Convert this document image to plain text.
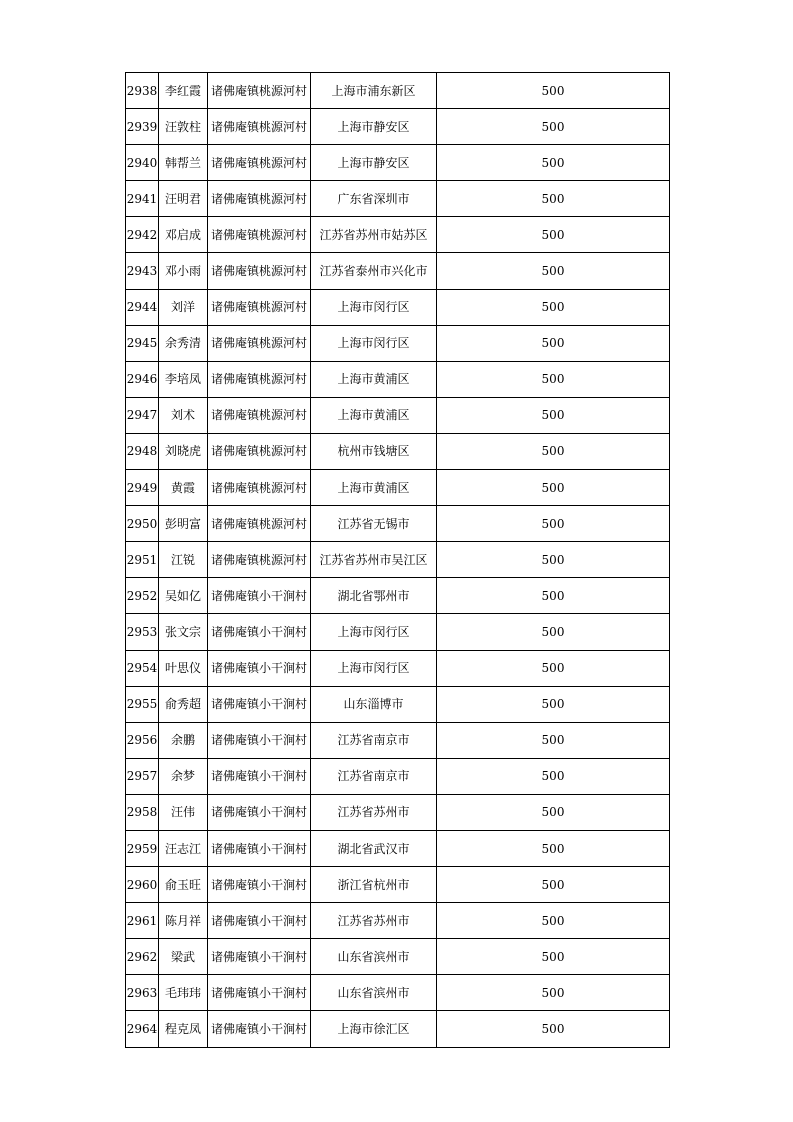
2938	李红霞	诸佛庵镇桃源河村	上海市浦东新区	500
2939	汪敦柱	诸佛庵镇桃源河村	上海市静安区	500
2940	韩帮兰	诸佛庵镇桃源河村	上海市静安区	500
2941	汪明君	诸佛庵镇桃源河村	广东省深圳市	500
2942	邓启成	诸佛庵镇桃源河村	江苏省苏州市姑苏区	500
2943	邓小雨	诸佛庵镇桃源河村	江苏省泰州市兴化市	500
2944	刘洋	诸佛庵镇桃源河村	上海市闵行区	500
2945	余秀清	诸佛庵镇桃源河村	上海市闵行区	500
2946	李培凤	诸佛庵镇桃源河村	上海市黄浦区	500
2947	刘术	诸佛庵镇桃源河村	上海市黄浦区	500
2948	刘晓虎	诸佛庵镇桃源河村	杭州市钱塘区	500
2949	黄霞	诸佛庵镇桃源河村	上海市黄浦区	500
2950	彭明富	诸佛庵镇桃源河村	江苏省无锡市	500
2951	江锐	诸佛庵镇桃源河村	江苏省苏州市吴江区	500
2952	吴如亿	诸佛庵镇小干涧村	湖北省鄂州市	500
2953	张文宗	诸佛庵镇小干涧村	上海市闵行区	500
2954	叶思仪	诸佛庵镇小干涧村	上海市闵行区	500
2955	俞秀超	诸佛庵镇小干涧村	山东淄博市	500
2956	余鹏	诸佛庵镇小干涧村	江苏省南京市	500
2957	余梦	诸佛庵镇小干涧村	江苏省南京市	500
2958	汪伟	诸佛庵镇小干涧村	江苏省苏州市	500
2959	汪志江	诸佛庵镇小干涧村	湖北省武汉市	500
2960	俞玉旺	诸佛庵镇小干涧村	浙江省杭州市	500
2961	陈月祥	诸佛庵镇小干涧村	江苏省苏州市	500
2962	梁武	诸佛庵镇小干涧村	山东省滨州市	500
2963	毛玮玮	诸佛庵镇小干涧村	山东省滨州市	500
2964	程克凤	诸佛庵镇小干涧村	上海市徐汇区	500
